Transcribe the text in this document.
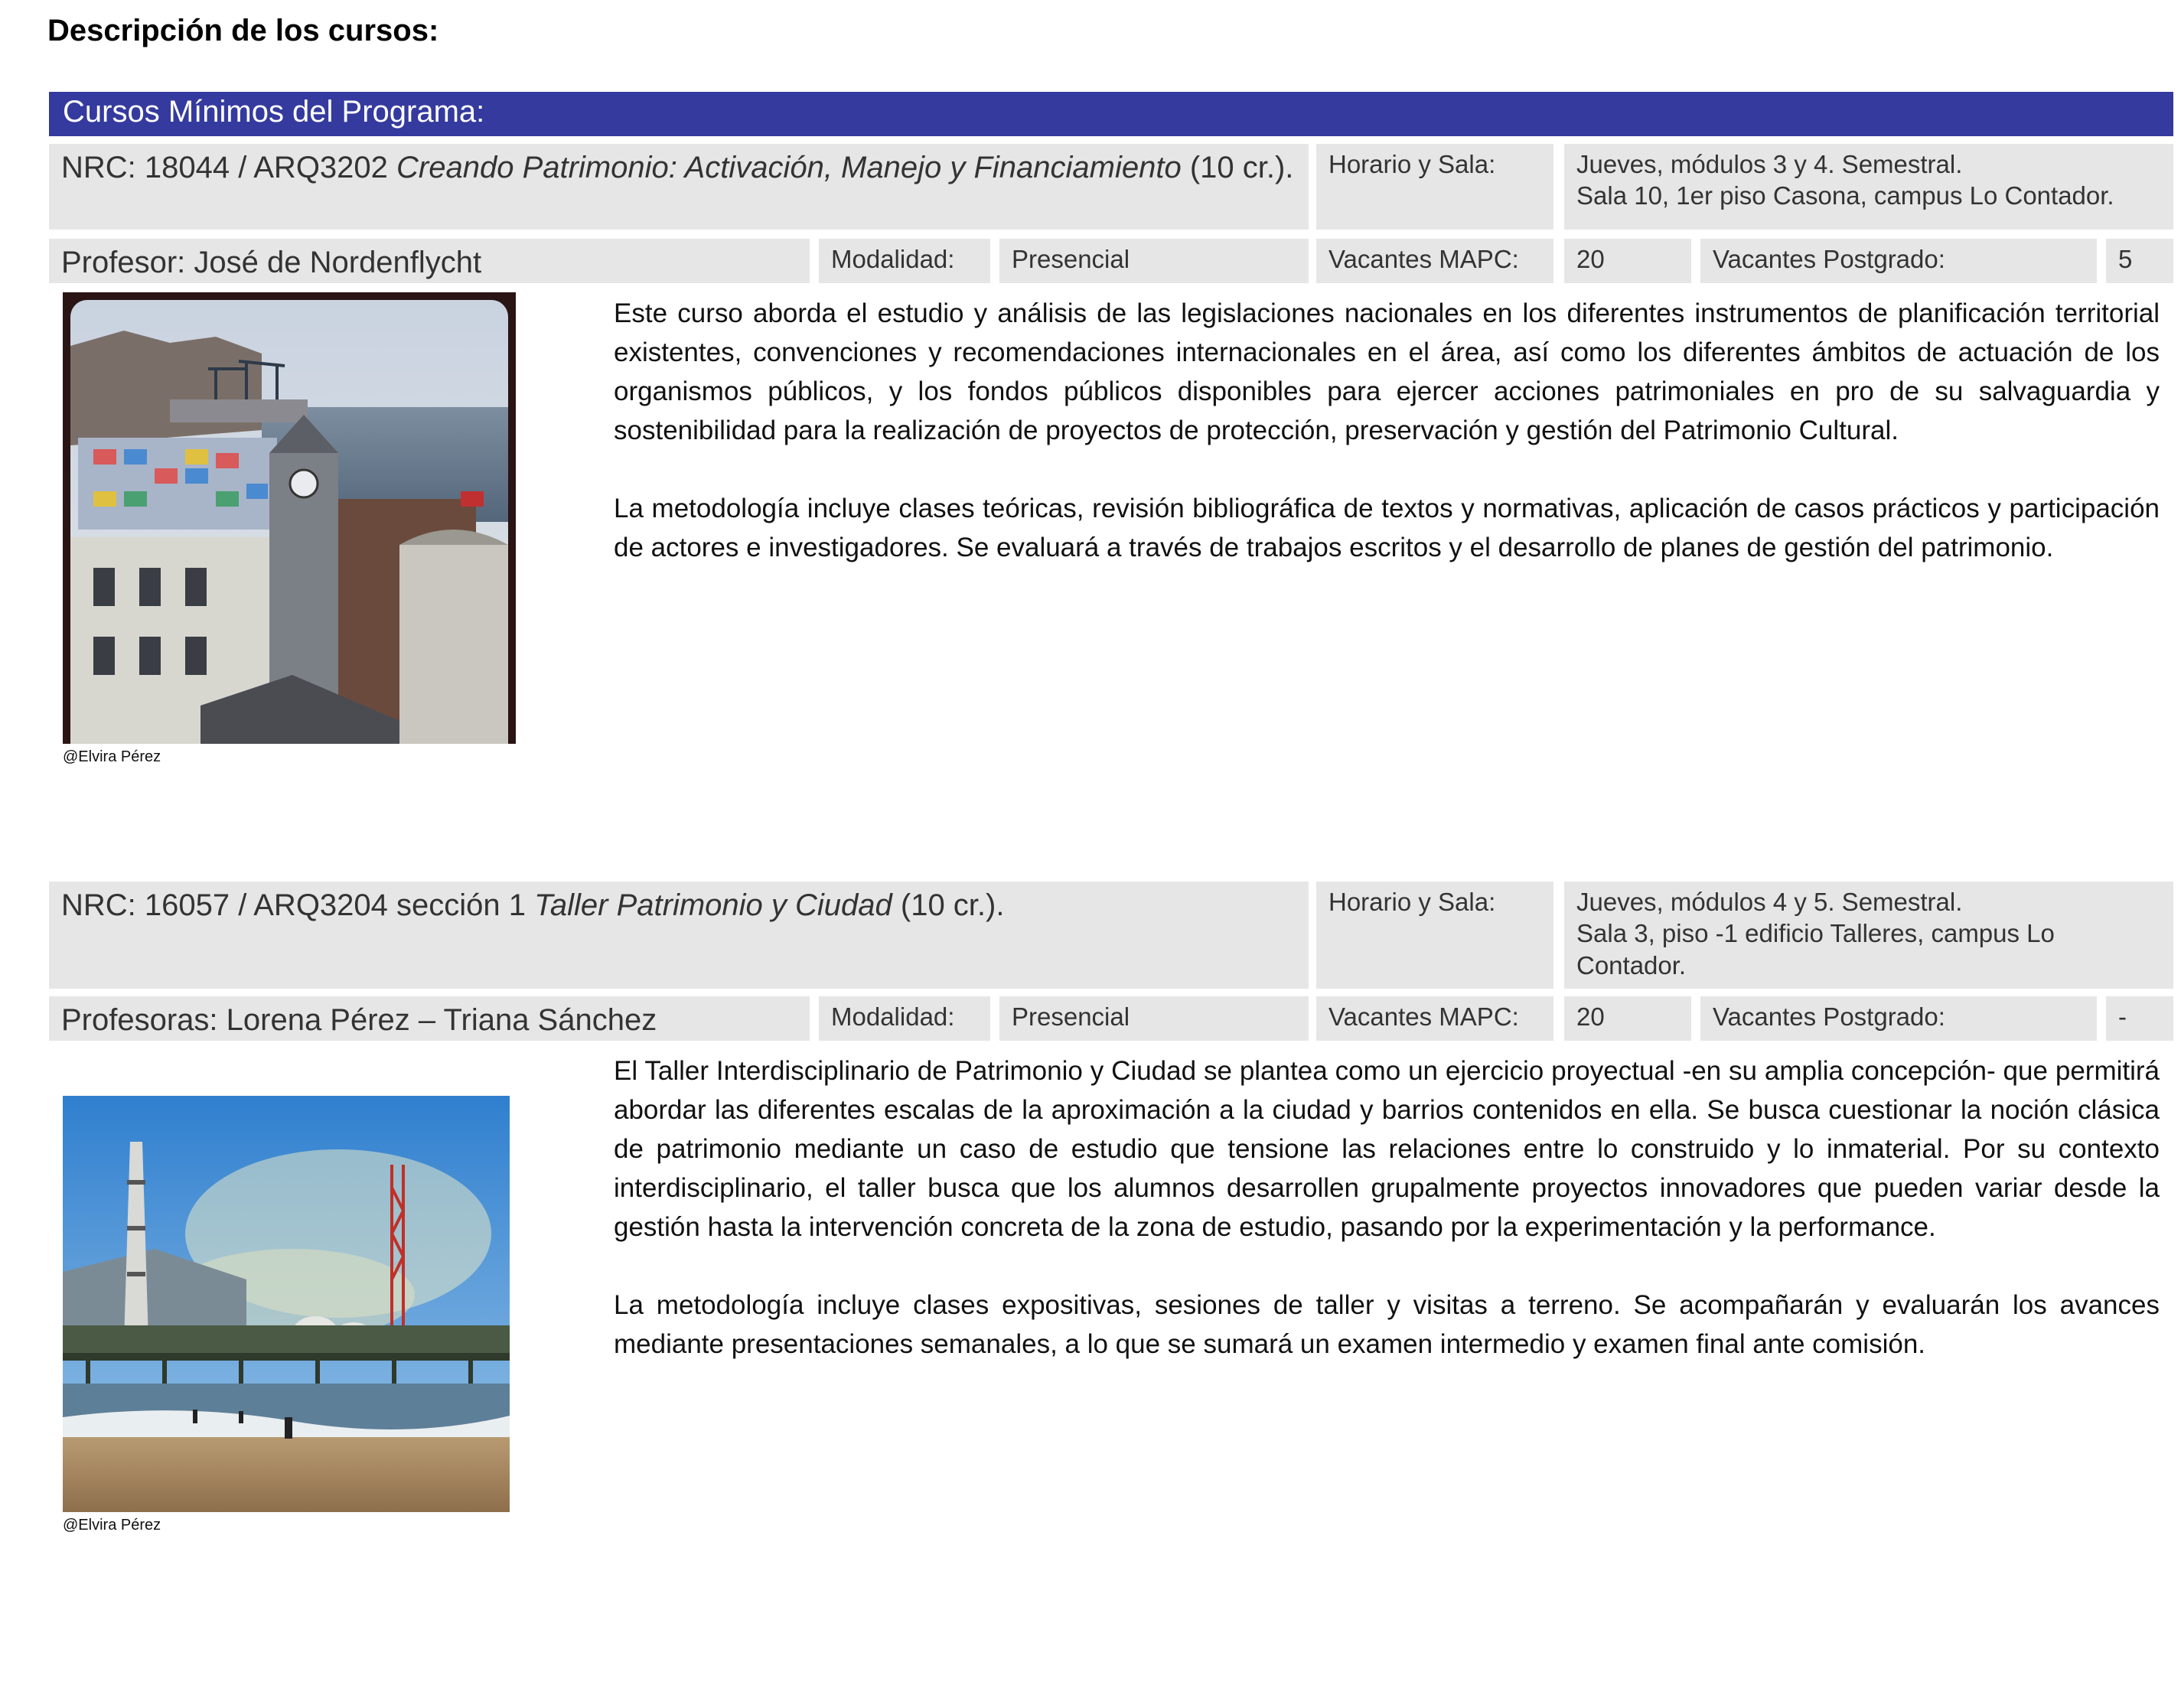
Descripción de los cursos:
Cursos Mínimos del Programa:
NRC: 18044 / ARQ3202 Creando Patrimonio: Activación, Manejo y Financiamiento (10 cr.).	Horario y Sala:	Jueves, módulos 3 y 4. Semestral.
Sala 10, 1er piso Casona, campus Lo Contador.
Profesor: José de Nordenflycht	Modalidad:	Presencial	Vacantes MAPC:	20	Vacantes Postgrado:	5
@Elvira Pérez

Este curso aborda el estudio y análisis de las legislaciones nacionales en los diferentes instrumentos de planificación territorial existentes, convenciones y recomendaciones internacionales en el área, así como los diferentes ámbitos de actuación de los organismos públicos, y los fondos públicos disponibles para ejercer acciones patrimoniales en pro de su salvaguardia y sostenibilidad para la realización de proyectos de protección, preservación y gestión del Patrimonio Cultural.

La metodología incluye clases teóricas, revisión bibliográfica de textos y normativas, aplicación de casos prácticos y participación de actores e investigadores. Se evaluará a través de trabajos escritos y el desarrollo de planes de gestión del patrimonio.

NRC: 16057 / ARQ3204 sección 1 Taller Patrimonio y Ciudad (10 cr.).	Horario y Sala:	Jueves, módulos 4 y 5. Semestral.
Sala 3, piso -1 edificio Talleres, campus Lo Contador.
Profesoras: Lorena Pérez – Triana Sánchez	Modalidad:	Presencial	Vacantes MAPC:	20	Vacantes Postgrado:	-
@Elvira Pérez

El Taller Interdisciplinario de Patrimonio y Ciudad se plantea como un ejercicio proyectual -en su amplia concepción- que permitirá abordar las diferentes escalas de la aproximación a la ciudad y barrios contenidos en ella. Se busca cuestionar la noción clásica de patrimonio mediante un caso de estudio que tensione las relaciones entre lo construido y lo inmaterial. Por su contexto interdisciplinario, el taller busca que los alumnos desarrollen grupalmente proyectos innovadores que pueden variar desde la gestión hasta la intervención concreta de la zona de estudio, pasando por la experimentación y la performance.

La metodología incluye clases expositivas, sesiones de taller y visitas a terreno. Se acompañarán y evaluarán los avances mediante presentaciones semanales, a lo que se sumará un examen intermedio y examen final ante comisión.
